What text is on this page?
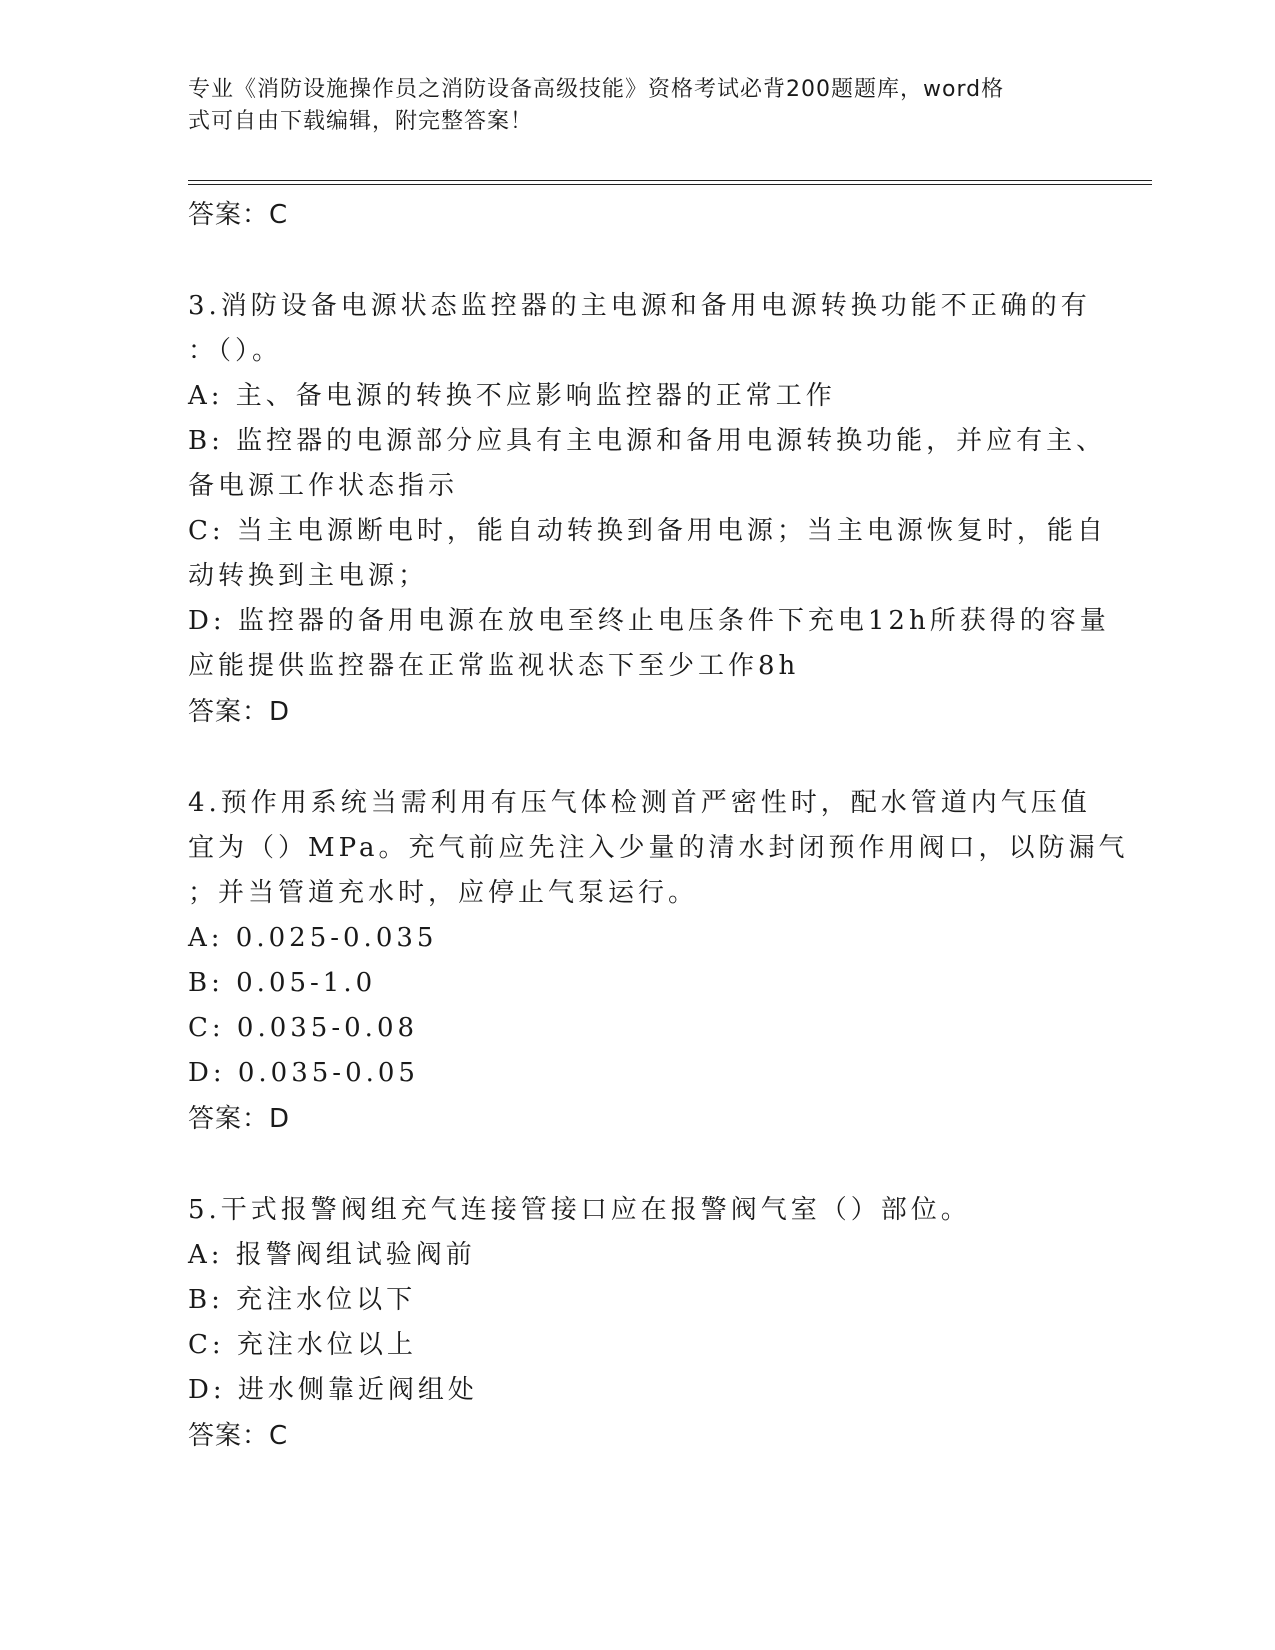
专业《消防设施操作员之消防设备高级技能》资格考试必背200题题库，word格
式可自由下载编辑，附完整答案！
答案：C
3.消防设备电源状态监控器的主电源和备用电源转换功能不正确的有
：（）。
A: 主、备电源的转换不应影响监控器的正常工作
B: 监控器的电源部分应具有主电源和备用电源转换功能，并应有主、
备电源工作状态指示
C: 当主电源断电时，能自动转换到备用电源；当主电源恢复时，能自
动转换到主电源；
D: 监控器的备用电源在放电至终止电压条件下充电12h所获得的容量
应能提供监控器在正常监视状态下至少工作8h
答案：D
4.预作用系统当需利用有压气体检测首严密性时，配水管道内气压值
宜为（）MPa。充气前应先注入少量的清水封闭预作用阀口，以防漏气
；并当管道充水时，应停止气泵运行。
A: 0.025-0.035
B: 0.05-1.0
C: 0.035-0.08
D: 0.035-0.05
答案：D
5.干式报警阀组充气连接管接口应在报警阀气室（）部位。
A: 报警阀组试验阀前
B: 充注水位以下
C: 充注水位以上
D: 进水侧靠近阀组处
答案：C
